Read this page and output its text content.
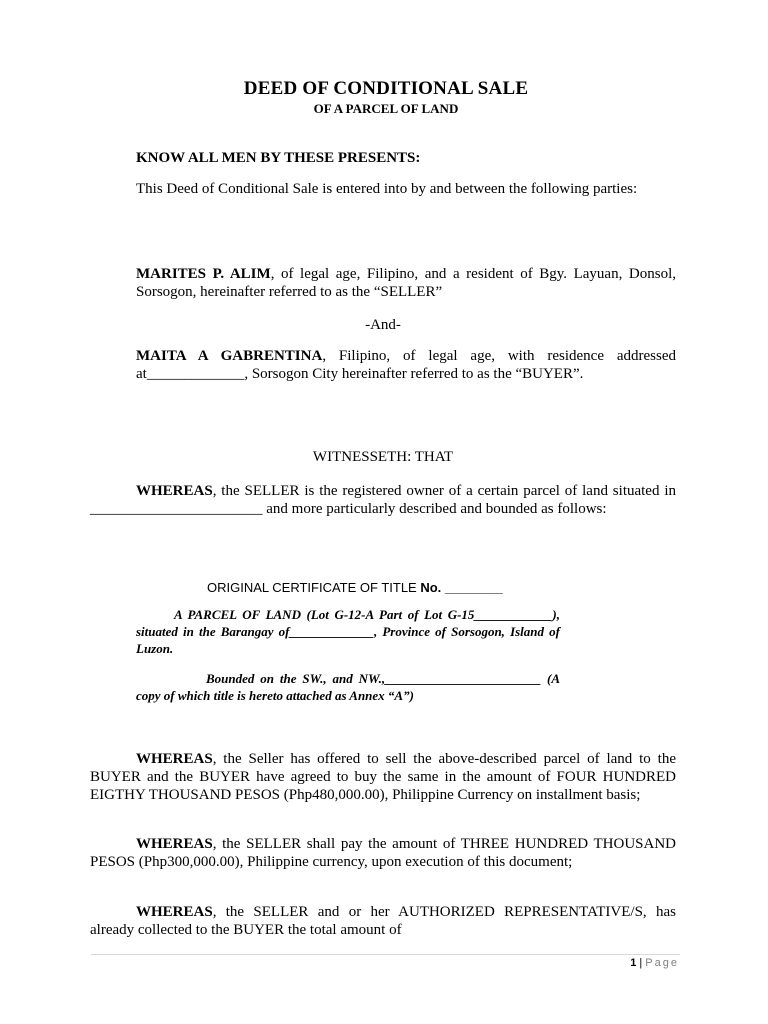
DEED OF CONDITIONAL SALE
OF A PARCEL OF LAND
KNOW ALL MEN BY THESE PRESENTS:
This Deed of Conditional Sale is entered into by and between the following parties:
MARITES P. ALIM, of legal age, Filipino, and a resident of Bgy. Layuan, Donsol, Sorsogon, hereinafter referred to as the “SELLER”
-And-
MAITA A GABRENTINA, Filipino, of legal age, with residence addressed at_____________, Sorsogon City hereinafter referred to as the “BUYER”.
WITNESSETH: THAT
WHEREAS, the SELLER is the registered owner of a certain parcel of land situated in _______________________ and more particularly described and bounded as follows:
ORIGINAL CERTIFICATE OF TITLE No. ________
A PARCEL OF LAND (Lot G-12-A Part of Lot G-15____________), situated in the Barangay of_____________, Province of Sorsogon, Island of Luzon.
Bounded on the SW., and NW.,________________________ (A copy of which title is hereto attached as Annex “A”)
WHEREAS, the Seller has offered to sell the above-described parcel of land to the BUYER and the BUYER have agreed to buy the same in the amount of FOUR HUNDRED EIGTHY THOUSAND PESOS (Php480,000.00), Philippine Currency on installment basis;
WHEREAS, the SELLER shall pay the amount of THREE HUNDRED THOUSAND PESOS (Php300,000.00), Philippine currency, upon execution of this document;
WHEREAS, the SELLER and or her AUTHORIZED REPRESENTATIVE/S, has already collected to the BUYER the total amount of
1 | Page
